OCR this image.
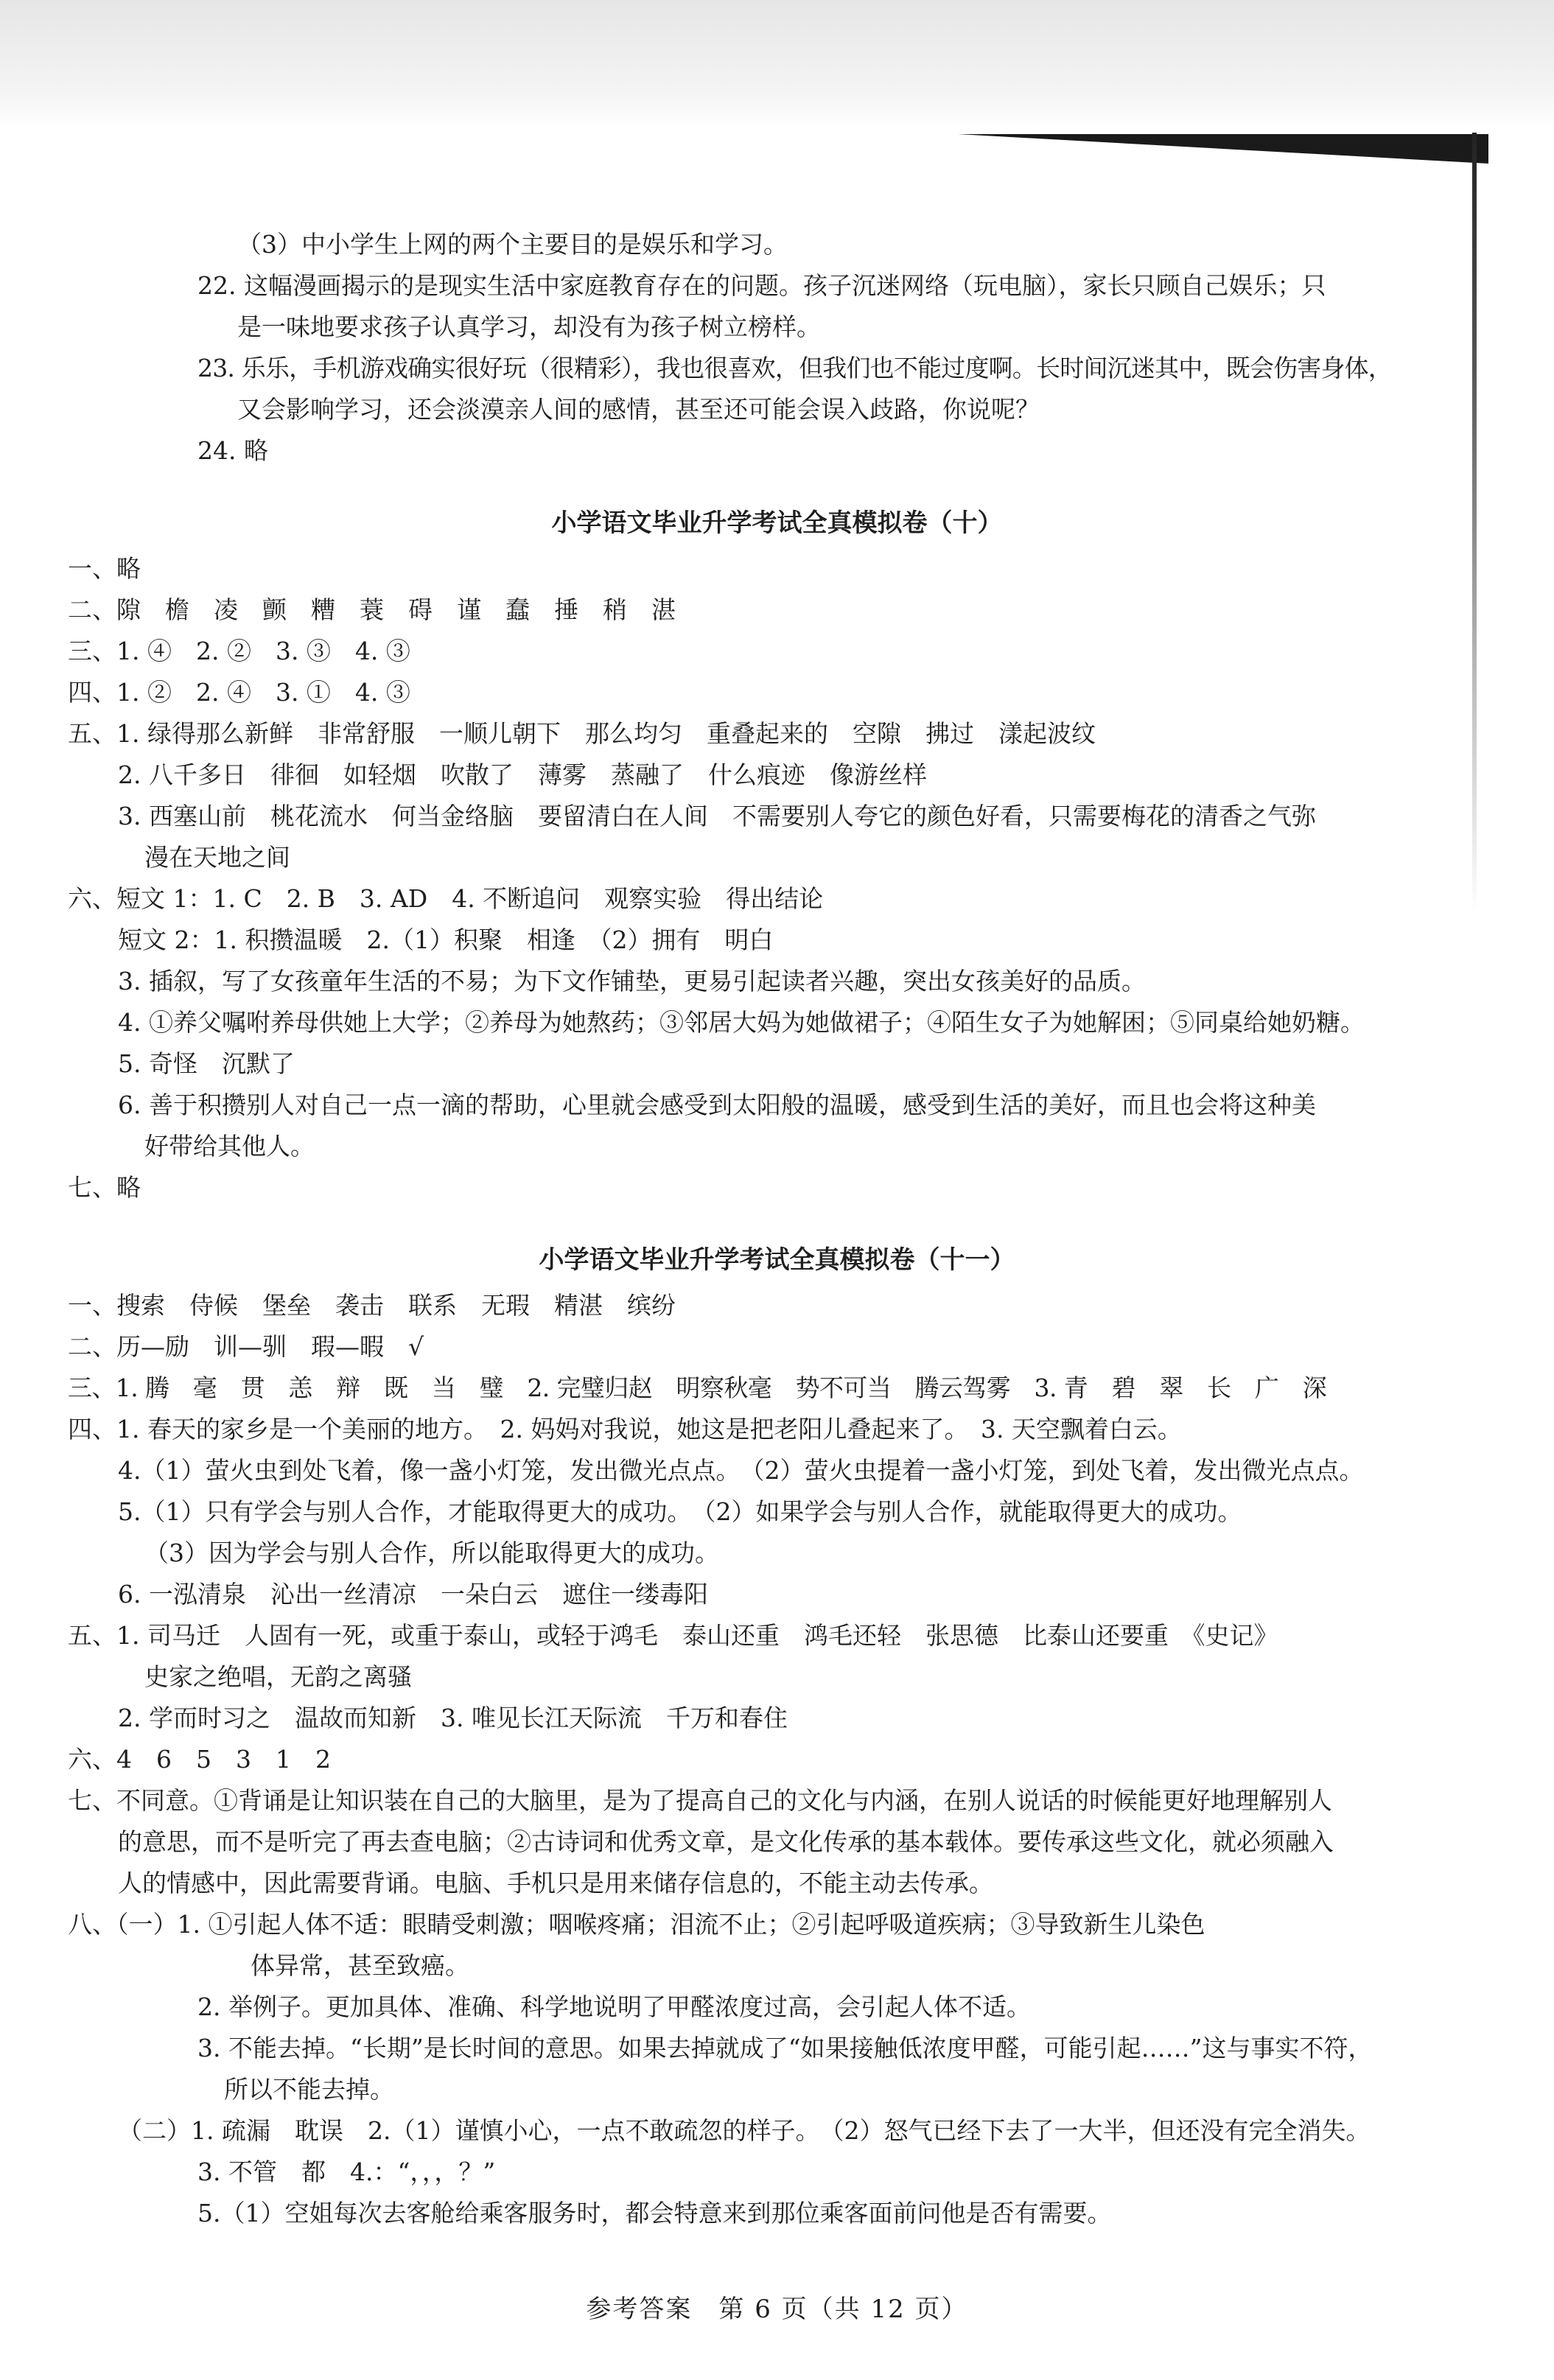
（3）中小学生上网的两个主要目的是娱乐和学习。
22. 这幅漫画揭示的是现实生活中家庭教育存在的问题。孩子沉迷网络（玩电脑），家长只顾自己娱乐；只
是一味地要求孩子认真学习，却没有为孩子树立榜样。
23. 乐乐，手机游戏确实很好玩（很精彩），我也很喜欢，但我们也不能过度啊。长时间沉迷其中，既会伤害身体，
又会影响学习，还会淡漠亲人间的感情，甚至还可能会误入歧路，你说呢？
24. 略
小学语文毕业升学考试全真模拟卷（十）
一、略
二、隙　檐　凌　颤　糟　蓑　碍　谨　蠢　捶　稍　湛
三、1. ④　2. ②　3. ③　4. ③
四、1. ②　2. ④　3. ①　4. ③
五、1. 绿得那么新鲜　非常舒服　一顺儿朝下　那么均匀　重叠起来的　空隙　拂过　漾起波纹
2. 八千多日　徘徊　如轻烟　吹散了　薄雾　蒸融了　什么痕迹　像游丝样
3. 西塞山前　桃花流水　何当金络脑　要留清白在人间　不需要别人夸它的颜色好看，只需要梅花的清香之气弥
漫在天地之间
六、短文 1：1. C　2. B　3. AD　4. 不断追问　观察实验　得出结论
短文 2：1. 积攒温暖　2.（1）积聚　相逢　（2）拥有　明白
3. 插叙，写了女孩童年生活的不易；为下文作铺垫，更易引起读者兴趣，突出女孩美好的品质。
4. ①养父嘱咐养母供她上大学；②养母为她熬药；③邻居大妈为她做裙子；④陌生女子为她解困；⑤同桌给她奶糖。
5. 奇怪　沉默了
6. 善于积攒别人对自己一点一滴的帮助，心里就会感受到太阳般的温暖，感受到生活的美好，而且也会将这种美
好带给其他人。
七、略
小学语文毕业升学考试全真模拟卷（十一）
一、搜索　侍候　堡垒　袭击　联系　无瑕　精湛　缤纷
二、历—励　训—驯　瑕—暇　√
三、1. 腾　毫　贯　恙　辩　既　当　璧　2. 完璧归赵　明察秋毫　势不可当　腾云驾雾　3. 青　碧　翠　长　广　深
四、1. 春天的家乡是一个美丽的地方。　2. 妈妈对我说，她这是把老阳儿叠起来了。　3. 天空飘着白云。
4.（1）萤火虫到处飞着，像一盏小灯笼，发出微光点点。　（2）萤火虫提着一盏小灯笼，到处飞着，发出微光点点。
5.（1）只有学会与别人合作，才能取得更大的成功。　（2）如果学会与别人合作，就能取得更大的成功。
（3）因为学会与别人合作，所以能取得更大的成功。
6. 一泓清泉　沁出一丝清凉　一朵白云　遮住一缕毒阳
五、1. 司马迁　人固有一死，或重于泰山，或轻于鸿毛　泰山还重　鸿毛还轻　张思德　比泰山还要重　《史记》
史家之绝唱，无韵之离骚
2. 学而时习之　温故而知新　3. 唯见长江天际流　千万和春住
六、4　6　5　3　1　2
七、不同意。①背诵是让知识装在自己的大脑里，是为了提高自己的文化与内涵，在别人说话的时候能更好地理解别人
的意思，而不是听完了再去查电脑；②古诗词和优秀文章，是文化传承的基本载体。要传承这些文化，就必须融入
人的情感中，因此需要背诵。电脑、手机只是用来储存信息的，不能主动去传承。
八、（一）1. ①引起人体不适：眼睛受刺激；咽喉疼痛；泪流不止；②引起呼吸道疾病；③导致新生儿染色
体异常，甚至致癌。
2. 举例子。更加具体、准确、科学地说明了甲醛浓度过高，会引起人体不适。
3. 不能去掉。“长期”是长时间的意思。如果去掉就成了“如果接触低浓度甲醛，可能引起……”这与事实不符，
所以不能去掉。
（二）1. 疏漏　耽误　2.（1）谨慎小心，一点不敢疏忽的样子。　（2）怒气已经下去了一大半，但还没有完全消失。
3. 不管　都　4.：“，，，？”
5.（1）空姐每次去客舱给乘客服务时，都会特意来到那位乘客面前问他是否有需要。
参考答案　第 6 页（共 12 页）
